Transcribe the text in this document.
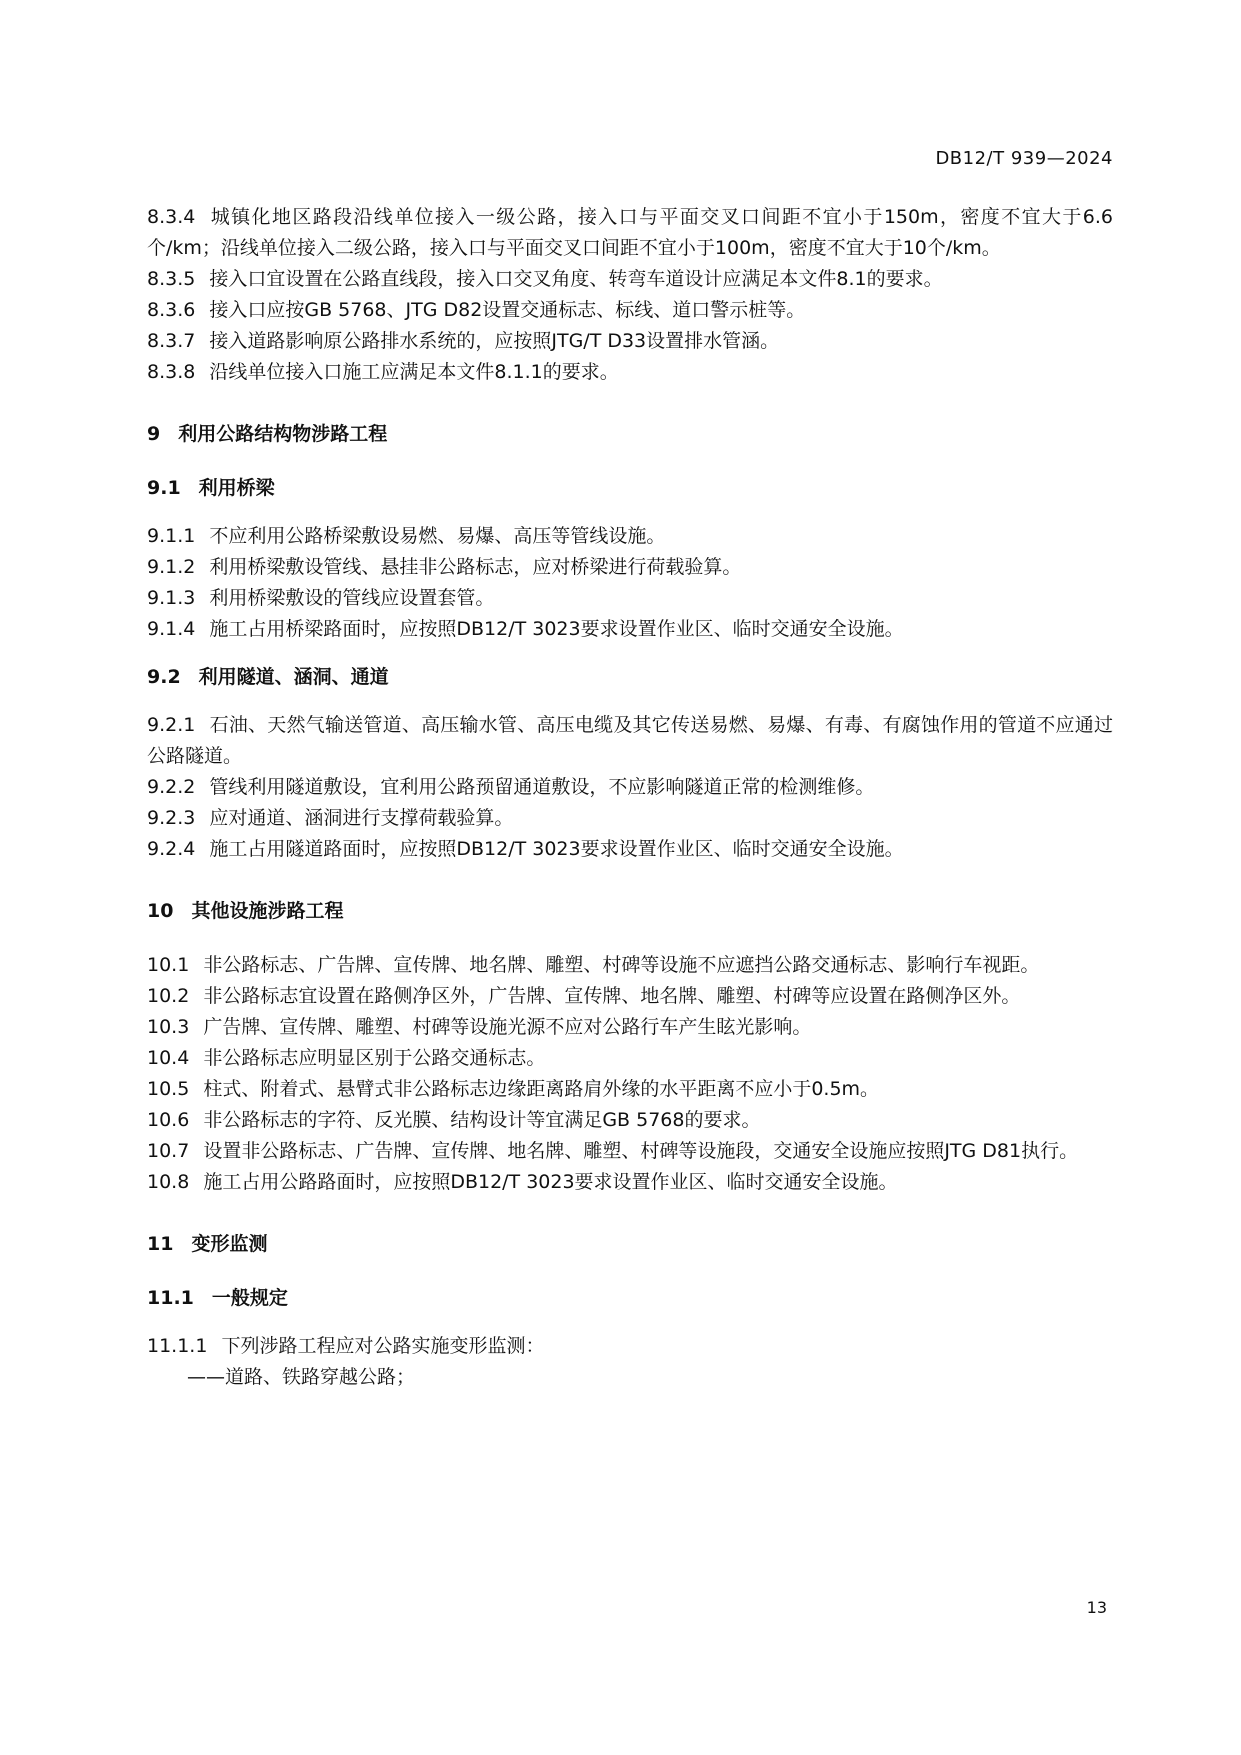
DB12/T 939—2024

8.3.4 城镇化地区路段沿线单位接入一级公路，接入口与平面交叉口间距不宜小于150m，密度不宜大于6.6个/km；沿线单位接入二级公路，接入口与平面交叉口间距不宜小于100m，密度不宜大于10个/km。

8.3.5 接入口宜设置在公路直线段，接入口交叉角度、转弯车道设计应满足本文件8.1的要求。

8.3.6 接入口应按GB 5768、JTG D82设置交通标志、标线、道口警示桩等。

8.3.7 接入道路影响原公路排水系统的，应按照JTG/T D33设置排水管涵。

8.3.8 沿线单位接入口施工应满足本文件8.1.1的要求。

9 利用公路结构物涉路工程

9.1 利用桥梁

9.1.1 不应利用公路桥梁敷设易燃、易爆、高压等管线设施。

9.1.2 利用桥梁敷设管线、悬挂非公路标志，应对桥梁进行荷载验算。

9.1.3 利用桥梁敷设的管线应设置套管。

9.1.4 施工占用桥梁路面时，应按照DB12/T 3023要求设置作业区、临时交通安全设施。

9.2 利用隧道、涵洞、通道

9.2.1 石油、天然气输送管道、高压输水管、高压电缆及其它传送易燃、易爆、有毒、有腐蚀作用的管道不应通过公路隧道。

9.2.2 管线利用隧道敷设，宜利用公路预留通道敷设，不应影响隧道正常的检测维修。

9.2.3 应对通道、涵洞进行支撑荷载验算。

9.2.4 施工占用隧道路面时，应按照DB12/T 3023要求设置作业区、临时交通安全设施。

10 其他设施涉路工程

10.1 非公路标志、广告牌、宣传牌、地名牌、雕塑、村碑等设施不应遮挡公路交通标志、影响行车视距。

10.2 非公路标志宜设置在路侧净区外，广告牌、宣传牌、地名牌、雕塑、村碑等应设置在路侧净区外。

10.3 广告牌、宣传牌、雕塑、村碑等设施光源不应对公路行车产生眩光影响。

10.4 非公路标志应明显区别于公路交通标志。

10.5 柱式、附着式、悬臂式非公路标志边缘距离路肩外缘的水平距离不应小于0.5m。

10.6 非公路标志的字符、反光膜、结构设计等宜满足GB 5768的要求。

10.7 设置非公路标志、广告牌、宣传牌、地名牌、雕塑、村碑等设施段，交通安全设施应按照JTG D81执行。

10.8 施工占用公路路面时，应按照DB12/T 3023要求设置作业区、临时交通安全设施。

11 变形监测

11.1 一般规定

11.1.1 下列涉路工程应对公路实施变形监测：

——道路、铁路穿越公路；

13
